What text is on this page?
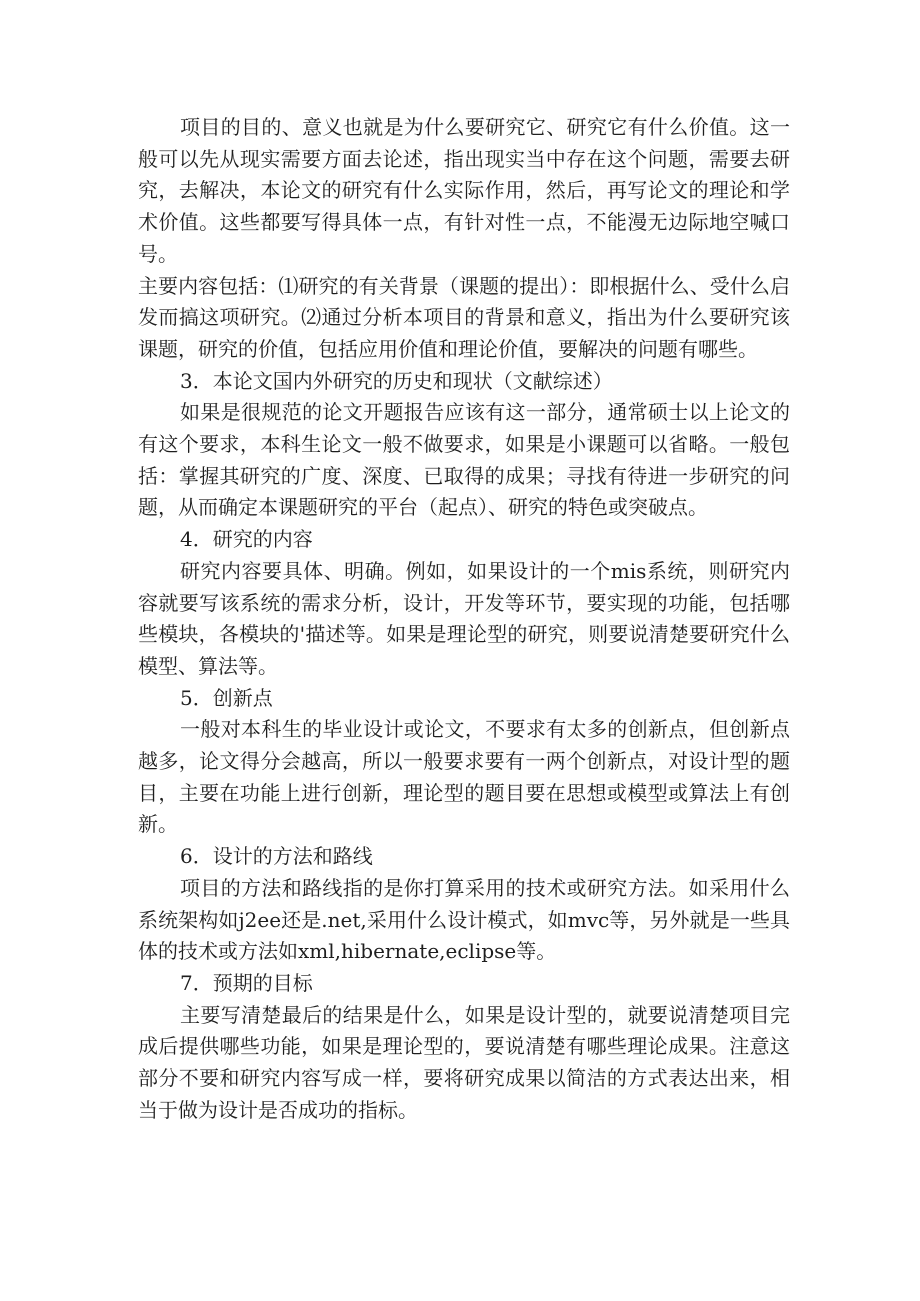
项目的目的、意义也就是为什么要研究它、研究它有什么价值。这一般可以先从现实需要方面去论述，指出现实当中存在这个问题，需要去研究，去解决，本论文的研究有什么实际作用，然后，再写论文的理论和学术价值。这些都要写得具体一点，有针对性一点，不能漫无边际地空喊口号。

主要内容包括：⑴研究的有关背景（课题的提出）：即根据什么、受什么启发而搞这项研究。⑵通过分析本项目的背景和意义，指出为什么要研究该课题，研究的价值，包括应用价值和理论价值，要解决的问题有哪些。

3．本论文国内外研究的历史和现状（文献综述）

如果是很规范的论文开题报告应该有这一部分，通常硕士以上论文的有这个要求，本科生论文一般不做要求，如果是小课题可以省略。一般包括：掌握其研究的广度、深度、已取得的成果；寻找有待进一步研究的问题，从而确定本课题研究的平台（起点）、研究的特色或突破点。

4．研究的内容

研究内容要具体、明确。例如，如果设计的一个mis系统，则研究内容就要写该系统的需求分析，设计，开发等环节，要实现的功能，包括哪些模块，各模块的'描述等。如果是理论型的研究，则要说清楚要研究什么模型、算法等。

5．创新点

一般对本科生的毕业设计或论文，不要求有太多的创新点，但创新点越多，论文得分会越高，所以一般要求要有一两个创新点，对设计型的题目，主要在功能上进行创新，理论型的题目要在思想或模型或算法上有创新。

6．设计的方法和路线

项目的方法和路线指的是你打算采用的技术或研究方法。如采用什么系统架构如j2ee还是.net,采用什么设计模式，如mvc等，另外就是一些具体的技术或方法如xml,hibernate,eclipse等。

7．预期的目标

主要写清楚最后的结果是什么，如果是设计型的，就要说清楚项目完成后提供哪些功能，如果是理论型的，要说清楚有哪些理论成果。注意这部分不要和研究内容写成一样，要将研究成果以简洁的方式表达出来，相当于做为设计是否成功的指标。
